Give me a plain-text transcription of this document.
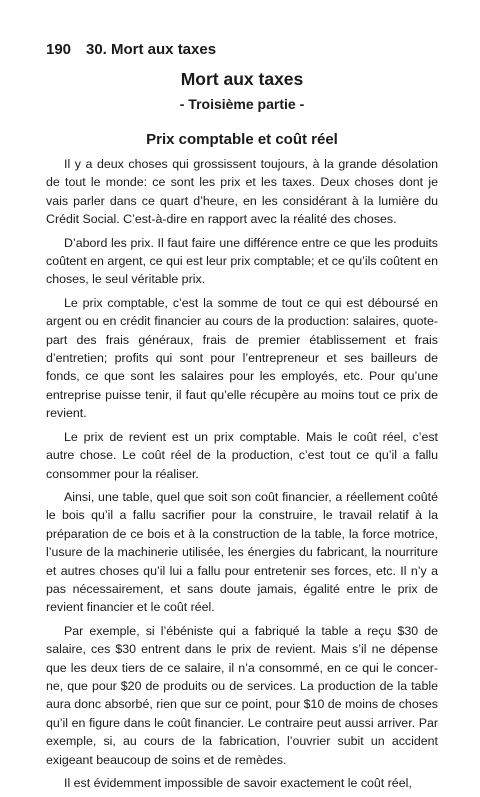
190 30. Mort aux taxes
Mort aux taxes
- Troisième partie -
Prix comptable et coût réel

Il y a deux choses qui grossissent toujours, à la grande désolation de tout le monde: ce sont les prix et les taxes. Deux choses dont je vais parler dans ce quart d’heure, en les considérant à la lumière du Crédit Social. C’est-à-dire en rapport avec la réalité des choses.

D’abord les prix. Il faut faire une différence entre ce que les produits coûtent en argent, ce qui est leur prix comptable; et ce qu’ils coûtent en choses, le seul véritable prix.

Le prix comptable, c’est la somme de tout ce qui est déboursé en argent ou en crédit financier au cours de la production: salaires, quote-part des frais généraux, frais de premier établissement et frais d’entretien; profits qui sont pour l’entrepreneur et ses bailleurs de fonds, ce que sont les salaires pour les employés, etc. Pour qu’une entreprise puisse tenir, il faut qu’elle récupère au moins tout ce prix de revient.

Le prix de revient est un prix comptable. Mais le coût réel, c’est autre chose. Le coût réel de la production, c’est tout ce qu’il a fallu consommer pour la réaliser.

Ainsi, une table, quel que soit son coût financier, a réellement coûté le bois qu’il a fallu sacrifier pour la construire, le travail relatif à la préparation de ce bois et à la construction de la table, la force motrice, l’usure de la machinerie utilisée, les énergies du fabricant, la nourriture et autres choses qu’il lui a fallu pour entretenir ses forces, etc. Il n’y a pas nécessairement, et sans doute jamais, égalité entre le prix de revient financier et le coût réel.

Par exemple, si l’ébéniste qui a fabriqué la table a reçu $30 de salaire, ces $30 entrent dans le prix de revient. Mais s’il ne dépense que les deux tiers de ce salaire, il n’a consommé, en ce qui le concerne, que pour $20 de produits ou de services. La production de la table aura donc absorbé, rien que sur ce point, pour $10 de moins de choses qu’il en figure dans le coût financier. Le contraire peut aussi arriver. Par exemple, si, au cours de la fabrication, l’ouvrier subit un accident exigeant beaucoup de soins et de remèdes.

Il est évidemment impossible de savoir exactement le coût réel,
